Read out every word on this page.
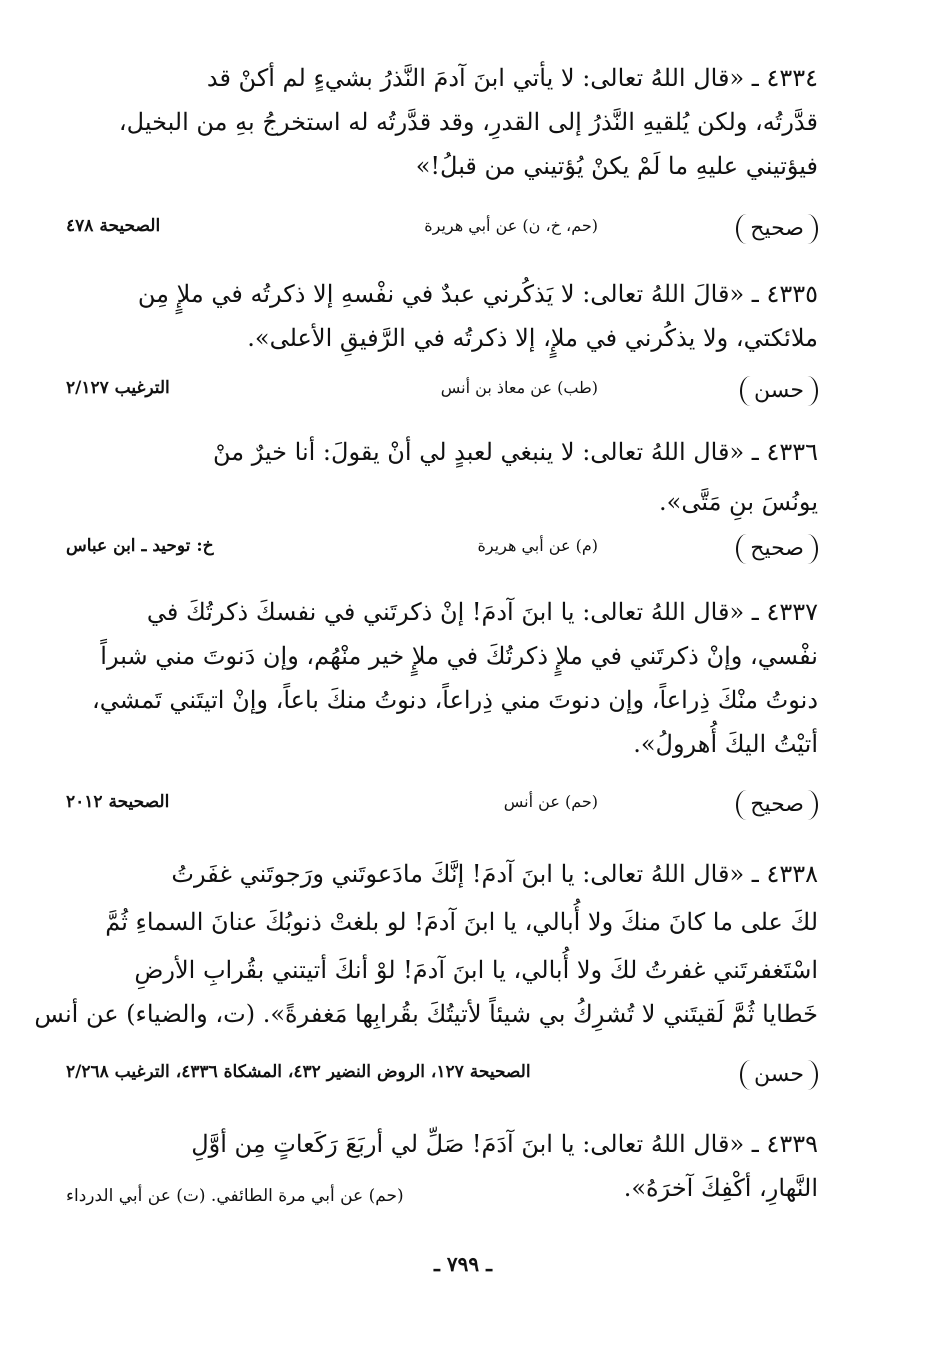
٤٣٣٤ ـ «قال اللهُ تعالى: لا يأتي ابنَ آدمَ النَّذرُ بشيءٍ لم أكنْ قد

قدَّرتُه، ولكن يُلقيهِ النَّذرُ إلى القدرِ، وقد قدَّرتُه له استخرجُ بهِ من البخيل،

فيؤتيني عليهِ ما لَمْ يكنْ يُؤتيني من قبلُ!»

صحيح
(حم، خ، ن) عن أبي هريرة
الصحيحة ٤٧٨

٤٣٣٥ ـ «قالَ اللهُ تعالى: لا يَذكُرني عبدٌ في نفْسهِ إلا ذكرتُه في ملإٍ مِن

ملائكتي، ولا يذكُرني في ملإٍ، إلا ذكرتُه في الرَّفيقِ الأعلى».

حسن
(طب) عن معاذ بن أنس
الترغيب ٢/١٢٧

٤٣٣٦ ـ «قال اللهُ تعالى: لا ينبغي لعبدٍ لي أنْ يقولَ: أنا خيرٌ منْ

يونُسَ بنِ مَتَّى».

صحيح
(م) عن أبي هريرة
خ: توحيد ـ ابن عباس

٤٣٣٧ ـ «قال اللهُ تعالى: يا ابنَ آدمَ! إنْ ذكرتَني في نفسكَ ذكرتُكَ في

نفْسي، وإنْ ذكرتَني في ملإٍ ذكرتُكَ في ملإٍ خير منْهُم، وإن دَنوتَ مني شبراً

دنوتُ منْكَ ذِراعاً، وإن دنوتَ مني ذِراعاً، دنوتُ منكَ باعاً، وإنْ اتيتَني تَمشي،

أتيْتُ اليكَ أُهرولُ».

صحيح
(حم) عن أنس
الصحيحة ٢٠١٢

٤٣٣٨ ـ «قال اللهُ تعالى: يا ابنَ آدمَ! إنَّكَ مادَعوتَني ورَجوتَني غفَرتُ

لكَ على ما كانَ منكَ ولا أُبالي، يا ابنَ آدمَ! لو بلغتْ ذنوبُكَ عنانَ السماءِ ثُمَّ

اسْتَغفرتَني غفرتُ لكَ ولا أُبالي، يا ابنَ آدمَ! لوْ أنكَ أتيتني بقُرابِ الأرضِ

خَطايا ثُمَّ لَقيتَني لا تُشرِكُ بي شيئاً لأتيتُكَ بقُرابِها مَغفرةً». (ت، والضياء) عن أنس

حسن
الصحيحة ١٢٧، الروض النضير ٤٣٢، المشكاة ٤٣٣٦، الترغيب ٢/٢٦٨

٤٣٣٩ ـ «قال اللهُ تعالى: يا ابنَ آدَمَ! صَلِّ لي أربَعَ رَكَعاتٍ مِن أوَّلِ

النَّهارِ، أكْفِكَ آخرَهُ».

(حم) عن أبي مرة الطائفي. (ت) عن أبي الدرداء
ـ ٧٩٩ ـ
